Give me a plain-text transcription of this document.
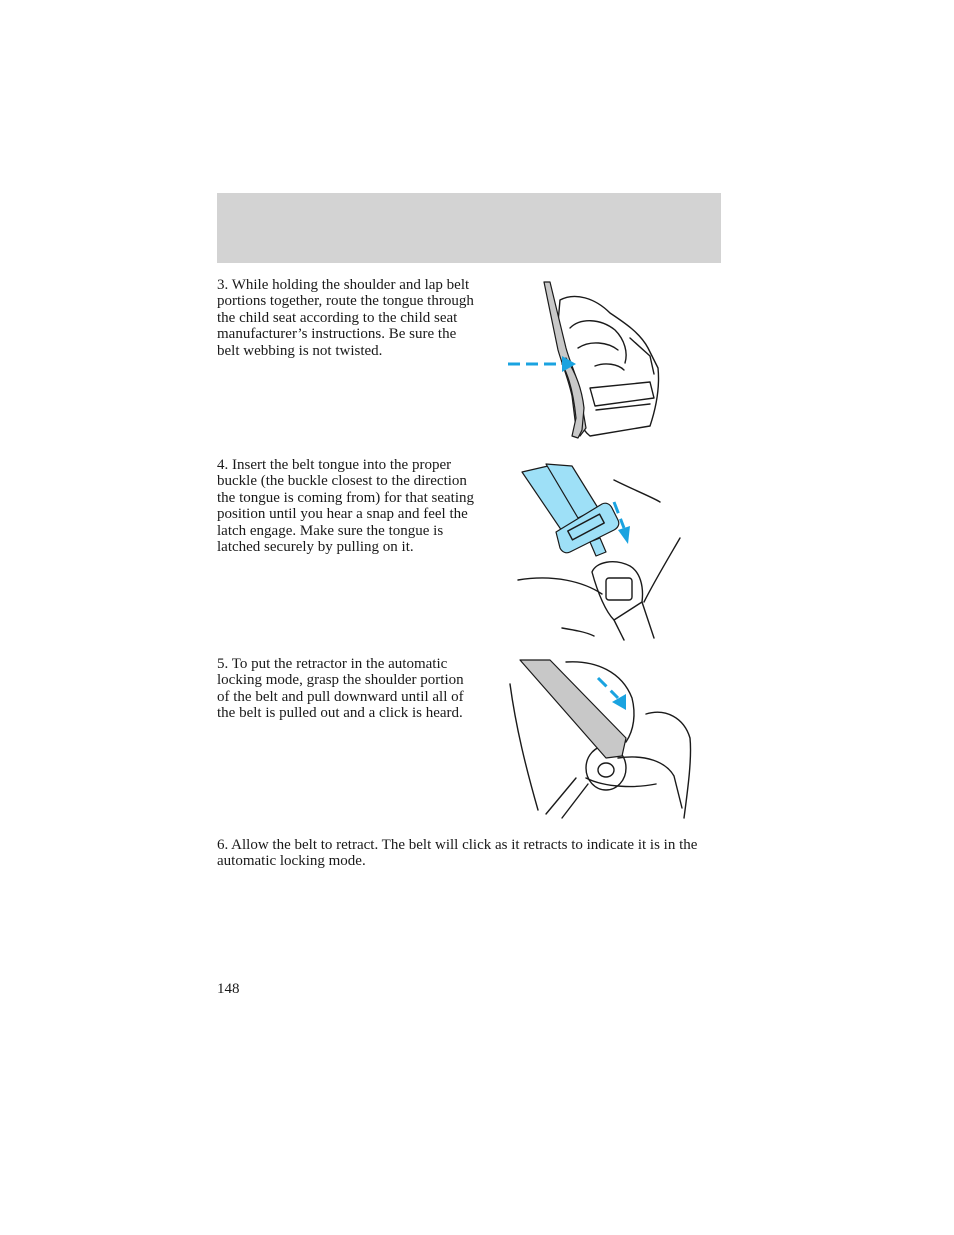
3. While holding the shoulder and lap belt portions together, route the tongue through the child seat according to the child seat manufacturer’s instructions. Be sure the belt webbing is not twisted.

4. Insert the belt tongue into the proper buckle (the buckle closest to the direction the tongue is coming from) for that seating position until you hear a snap and feel the latch engage. Make sure the tongue is latched securely by pulling on it.

5. To put the retractor in the automatic locking mode, grasp the shoulder portion of the belt and pull downward until all of the belt is pulled out and a click is heard.

6. Allow the belt to retract. The belt will click as it retracts to indicate it is in the automatic locking mode.

148
